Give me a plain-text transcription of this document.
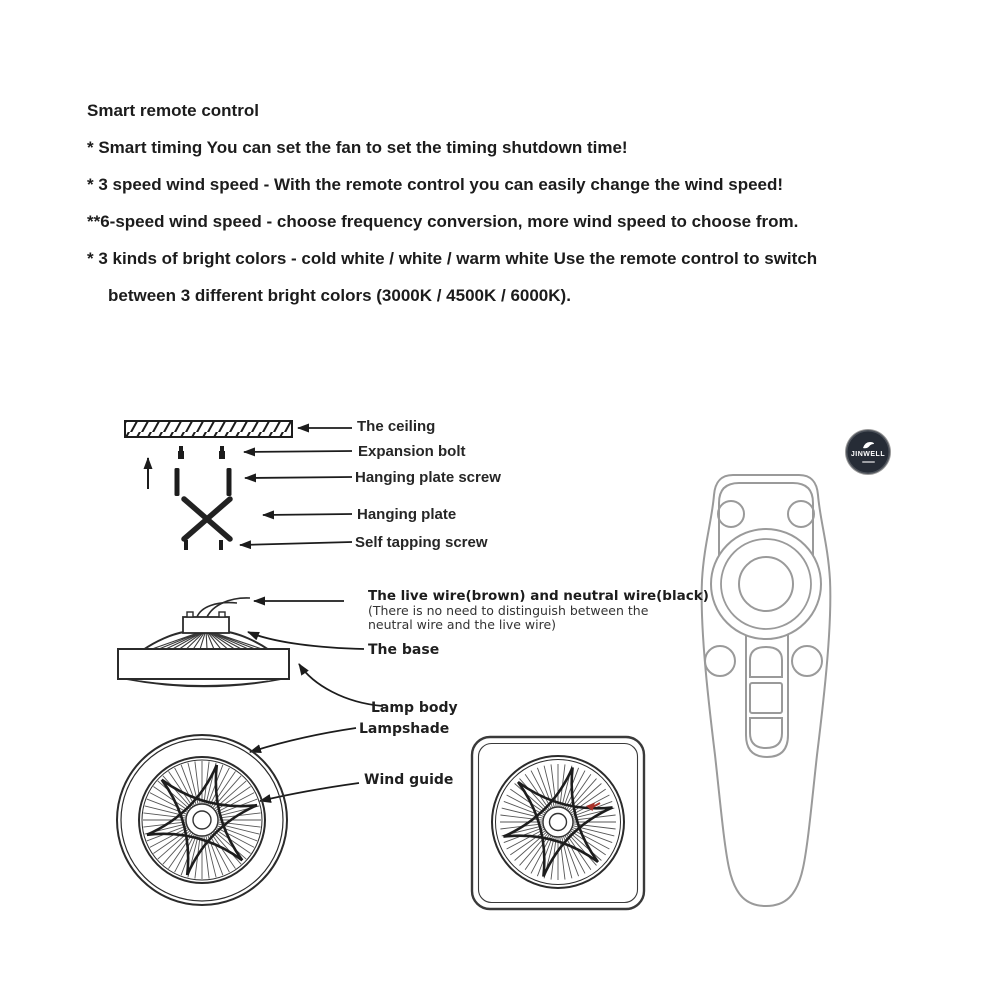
Smart remote control

* Smart timing You can set the fan to set the timing shutdown time!

* 3 speed wind speed - With the remote control you can easily change the wind speed!

**6-speed wind speed - choose frequency conversion, more wind speed to choose from.

* 3 kinds of bright colors - cold white / white / warm white Use the remote control to switch

between 3 different bright colors (3000K / 4500K / 6000K).

The ceiling
Expansion bolt
Hanging plate screw
Hanging plate
Self tapping screw
The live wire(brown) and neutral wire(black)
(There is no need to distinguish between the
neutral wire and the live wire)
The base
Lamp body
Lampshade
Wind guide
JINWELL
